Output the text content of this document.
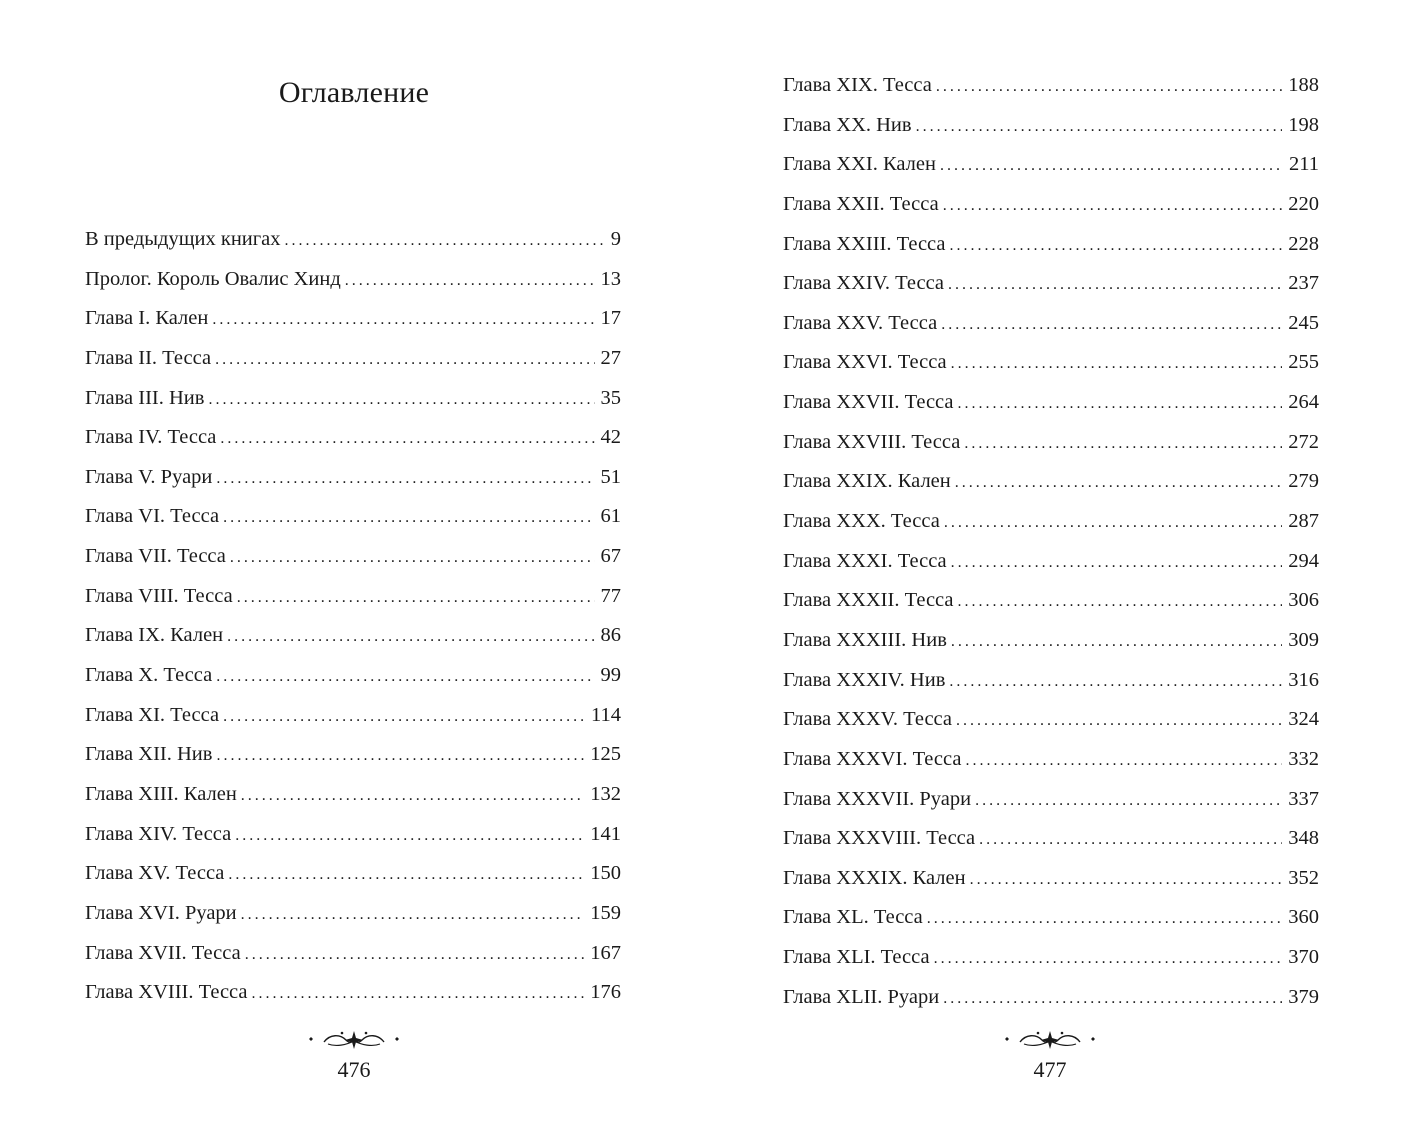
Оглавление
В предыдущих книгах . . .	9
Пролог. Король Овалис Хинд . . .	13
Глава I. Кален . . .	17
Глава II. Тесса . . .	27
Глава III. Нив . . .	35
Глава IV. Тесса . . .	42
Глава V. Руари . . .	51
Глава VI. Тесса . . .	61
Глава VII. Тесса . . .	67
Глава VIII. Тесса . . .	77
Глава IX. Кален . . .	86
Глава X. Тесса . . .	99
Глава XI. Тесса . . .	114
Глава XII. Нив . . .	125
Глава XIII. Кален . . .	132
Глава XIV. Тесса . . .	141
Глава XV. Тесса . . .	150
Глава XVI. Руари . . .	159
Глава XVII. Тесса . . .	167
Глава XVIII. Тесса . . .	176
476
Глава XIX. Тесса . . .	188
Глава XX. Нив . . .	198
Глава XXI. Кален . . .	211
Глава XXII. Тесса . . .	220
Глава XXIII. Тесса . . .	228
Глава XXIV. Тесса . . .	237
Глава XXV. Тесса . . .	245
Глава XXVI. Тесса . . .	255
Глава XXVII. Тесса . . .	264
Глава XXVIII. Тесса . . .	272
Глава XXIX. Кален . . .	279
Глава XXX. Тесса . . .	287
Глава XXXI. Тесса . . .	294
Глава XXXII. Тесса . . .	306
Глава XXXIII. Нив . . .	309
Глава XXXIV. Нив . . .	316
Глава XXXV. Тесса . . .	324
Глава XXXVI. Тесса . . .	332
Глава XXXVII. Руари . . .	337
Глава XXXVIII. Тесса . . .	348
Глава XXXIX. Кален . . .	352
Глава XL. Тесса . . .	360
Глава XLI. Тесса . . .	370
Глава XLII. Руари . . .	379
477
